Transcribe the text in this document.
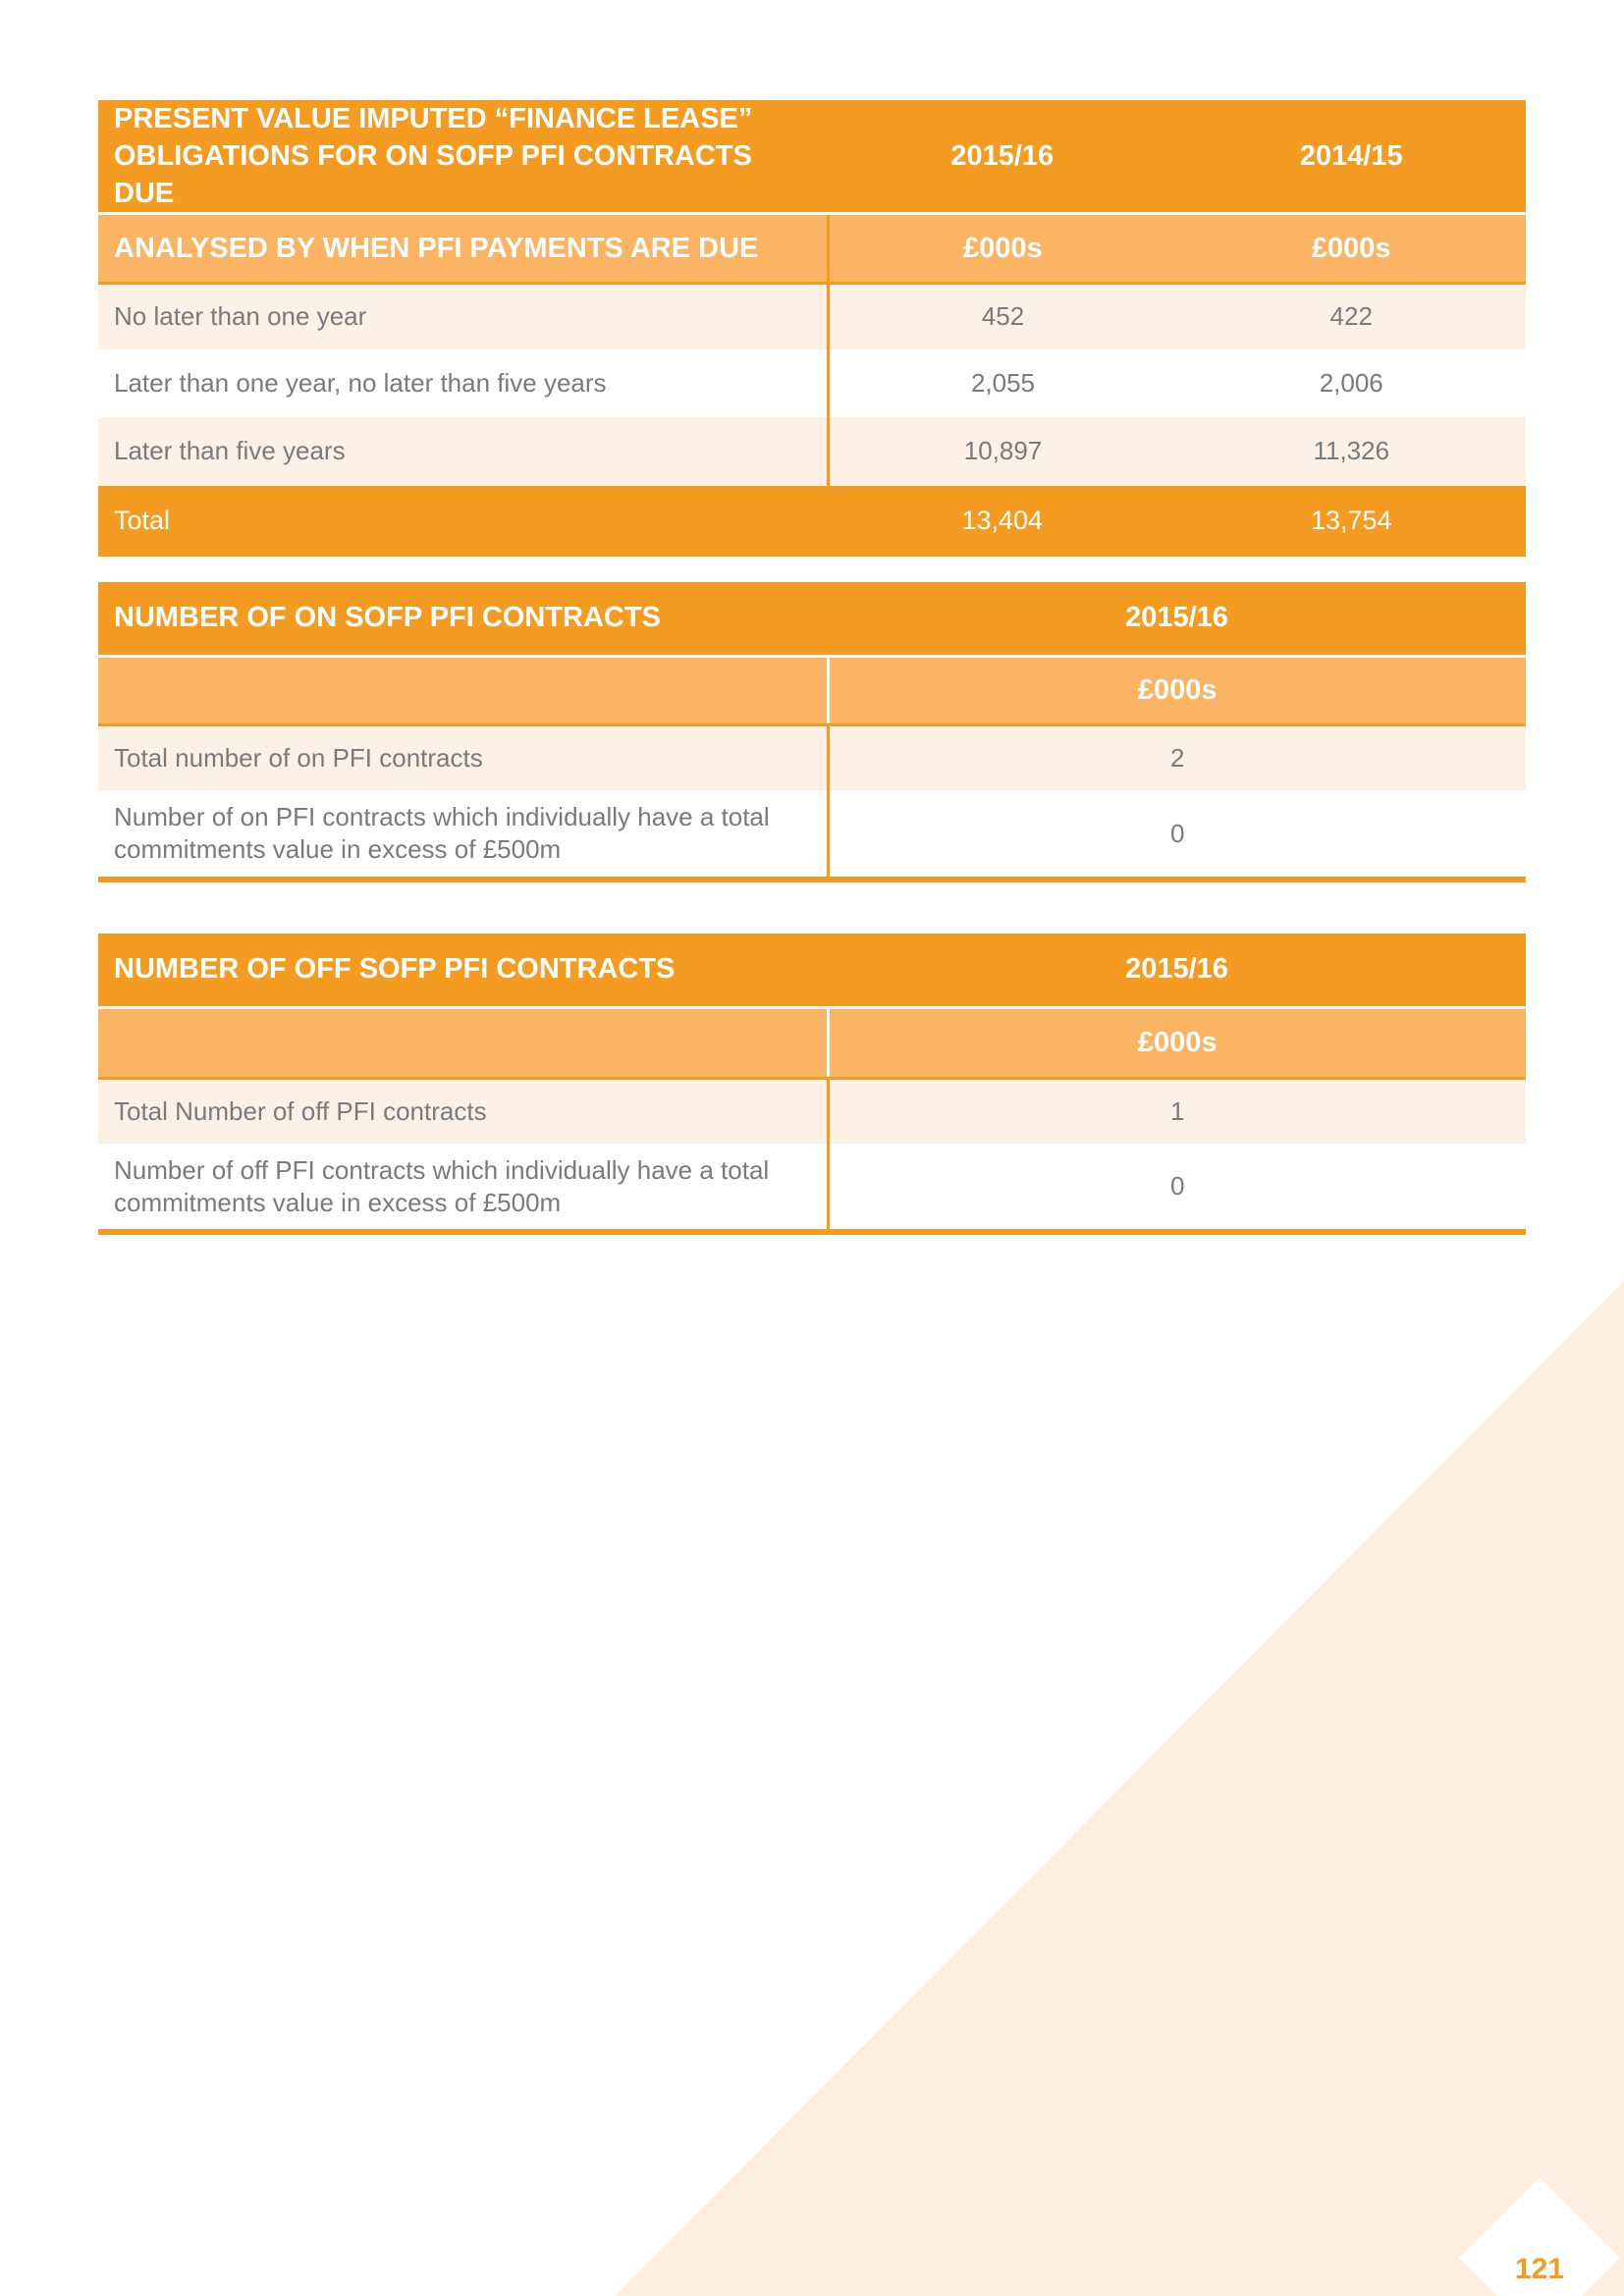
PRESENT VALUE IMPUTED “FINANCE LEASE” OBLIGATIONS FOR ON SOFP PFI CONTRACTS DUE	2015/16	2014/15
ANALYSED BY WHEN PFI PAYMENTS ARE DUE	£000s	£000s
No later than one year	452	422
Later than one year, no later than five years	2,055	2,006
Later than five years	10,897	11,326
Total	13,404	13,754
NUMBER OF ON SOFP PFI CONTRACTS	2015/16
	£000s
Total number of on PFI contracts	2
Number of on PFI contracts which individually have a total commitments value in excess of £500m	0
NUMBER OF OFF SOFP PFI CONTRACTS	2015/16
	£000s
Total Number of off PFI contracts	1
Number of off PFI contracts which individually have a total commitments value in excess of £500m	0
121
